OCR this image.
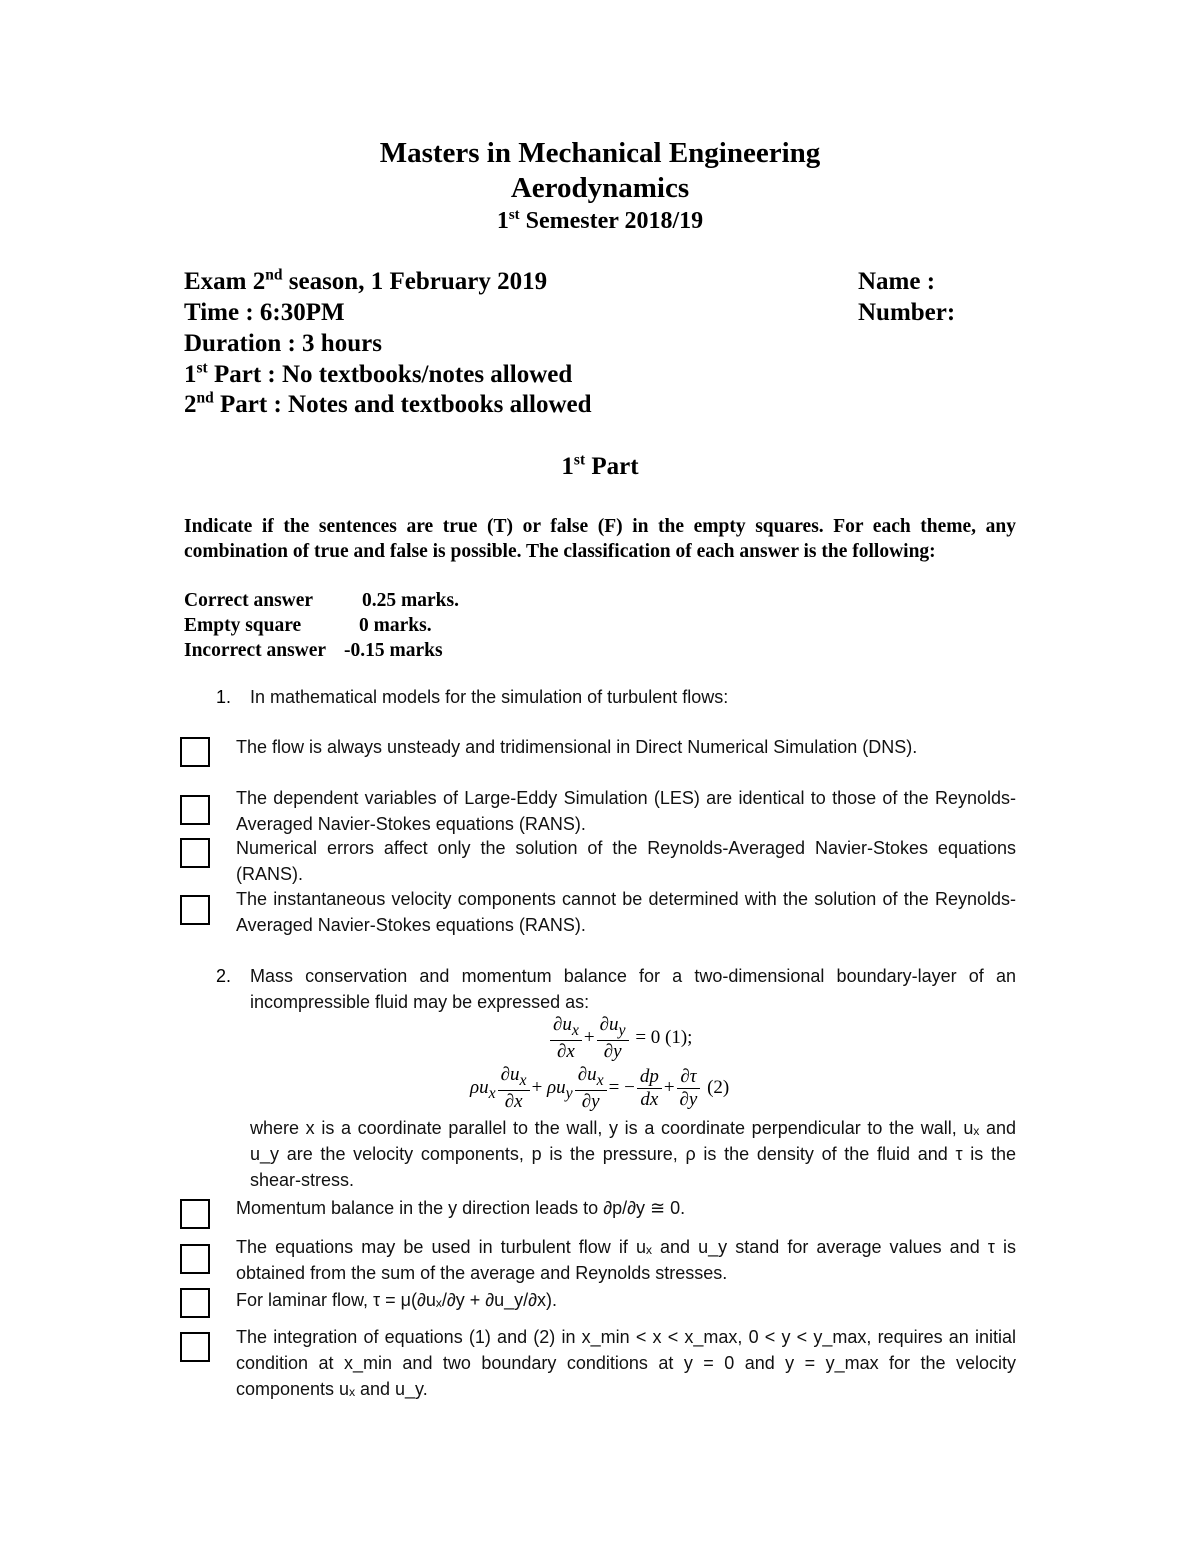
Masters in Mechanical Engineering
Aerodynamics
1st Semester 2018/19
Exam 2nd season, 1 February 2019
Time : 6:30PM
Duration : 3 hours
1st Part : No textbooks/notes allowed
2nd Part : Notes and textbooks allowed
Name :
Number:
1st Part
Indicate if the sentences are true (T) or false (F) in the empty squares. For each theme, any combination of true and false is possible. The classification of each answer is the following:
Correct answer	0.25 marks.
Empty square	0 marks.
Incorrect answer -0.15 marks
1. In mathematical models for the simulation of turbulent flows:
The flow is always unsteady and tridimensional in Direct Numerical Simulation (DNS).
The dependent variables of Large-Eddy Simulation (LES) are identical to those of the Reynolds-Averaged Navier-Stokes equations (RANS).
Numerical errors affect only the solution of the Reynolds-Averaged Navier-Stokes equations (RANS).
The instantaneous velocity components cannot be determined with the solution of the Reynolds-Averaged Navier-Stokes equations (RANS).
2. Mass conservation and momentum balance for a two-dimensional boundary-layer of an incompressible fluid may be expressed as:
$\frac{\partial u_x}{\partial x} + \frac{\partial u_y}{\partial y} = 0$ (1);
$\rho u_x \frac{\partial u_x}{\partial x} + \rho u_y \frac{\partial u_x}{\partial y}$ = − $\frac{dp}{dx} + \frac{\partial\tau}{\partial y} (2)$
where x is a coordinate parallel to the wall, y is a coordinate perpendicular to the wall, uₓ and u_y are the velocity components, p is the pressure, ρ is the density of the fluid and τ is the shear-stress.
Momentum balance in the y direction leads to ∂p/∂y ≅ 0.
The equations may be used in turbulent flow if uₓ and u_y stand for average values and τ is obtained from the sum of the average and Reynolds stresses.
For laminar flow, τ = μ(∂uₓ/∂y + ∂u_y/∂x).
The integration of equations (1) and (2) in x_min < x < x_max, 0 < y < y_max, requires an initial condition at x_min and two boundary conditions at y = 0 and y = y_max for the velocity components uₓ and u_y.
